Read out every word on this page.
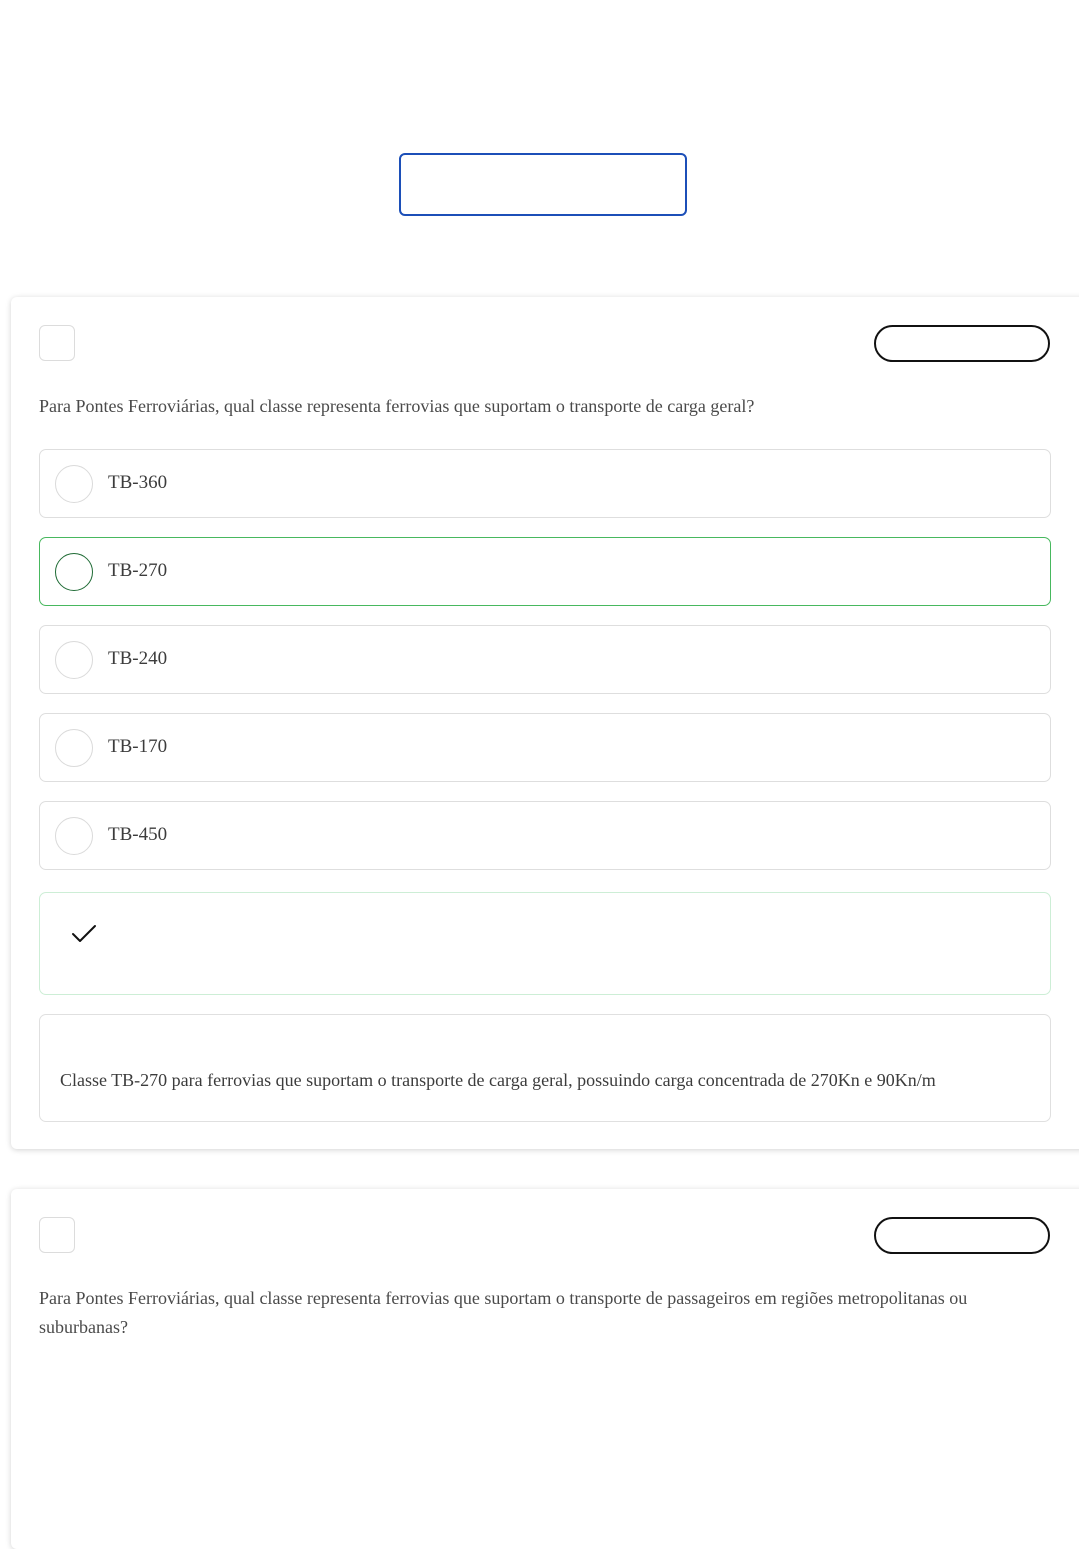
Para Pontes Ferroviárias, qual classe representa ferrovias que suportam o transporte de carga geral?

TB-360
TB-270
TB-240
TB-170
TB-450
Classe TB-270 para ferrovias que suportam o transporte de carga geral, possuindo carga concentrada de 270Kn e 90Kn/m

Para Pontes Ferroviárias, qual classe representa ferrovias que suportam o transporte de passageiros em regiões metropolitanas ou suburbanas?
